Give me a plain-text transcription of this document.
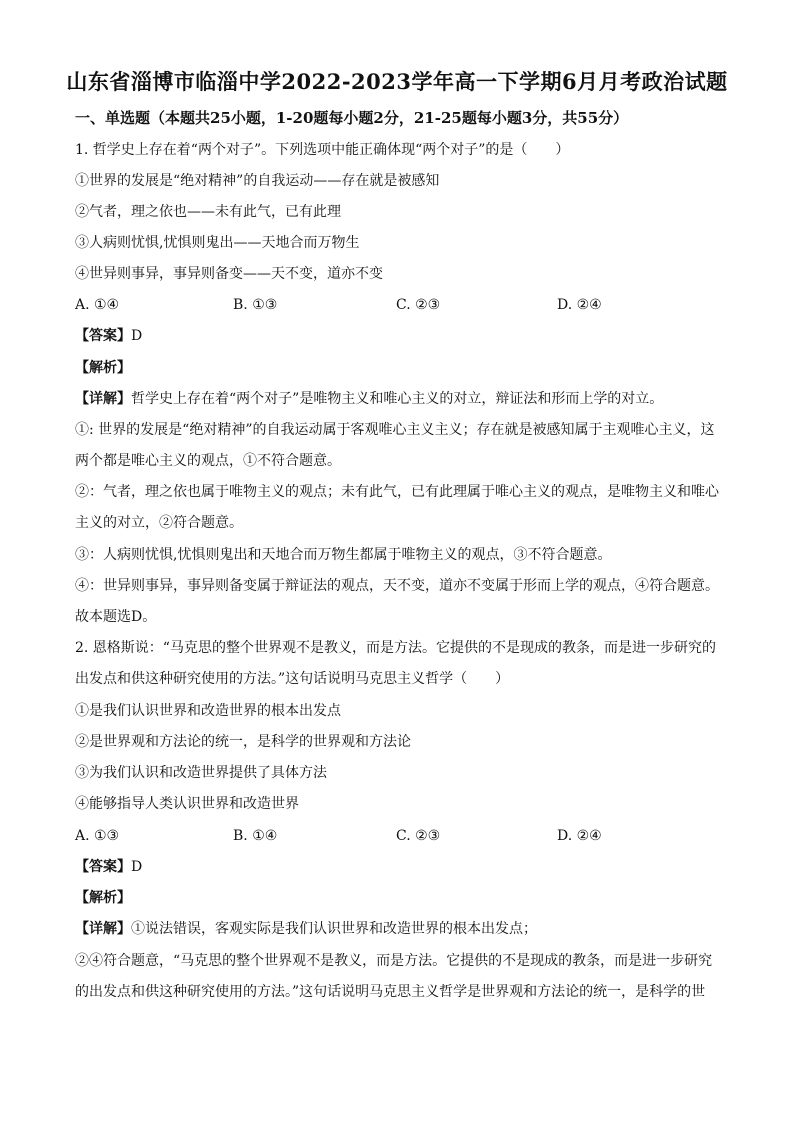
山东省淄博市临淄中学2022-2023学年高一下学期6月月考政治试题
一、单选题（本题共25小题，1-20题每小题2分，21-25题每小题3分，共55分）
1. 哲学史上存在着“两个对子”。下列选项中能正确体现“两个对子”的是（　　）
①世界的发展是“绝对精神”的自我运动——存在就是被感知
②气者，理之依也——未有此气，已有此理
③人病则忧惧,忧惧则鬼出——天地合而万物生
④世异则事异，事异则备变——天不变，道亦不变
A. ①④	B. ①③	C. ②③	D. ②④
【答案】D
【解析】
【详解】哲学史上存在着“两个对子”是唯物主义和唯心主义的对立，辩证法和形而上学的对立。
①: 世界的发展是“绝对精神”的自我运动属于客观唯心主义主义；存在就是被感知属于主观唯心主义，这
两个都是唯心主义的观点，①不符合题意。
②：气者，理之依也属于唯物主义的观点；未有此气，已有此理属于唯心主义的观点，是唯物主义和唯心
主义的对立，②符合题意。
③：人病则忧惧,忧惧则鬼出和天地合而万物生都属于唯物主义的观点，③不符合题意。
④：世异则事异，事异则备变属于辩证法的观点，天不变，道亦不变属于形而上学的观点，④符合题意。
故本题选D。
2. 恩格斯说：“马克思的整个世界观不是教义，而是方法。它提供的不是现成的教条，而是进一步研究的
出发点和供这种研究使用的方法。”这句话说明马克思主义哲学（　　）
①是我们认识世界和改造世界的根本出发点
②是世界观和方法论的统一，是科学的世界观和方法论
③为我们认识和改造世界提供了具体方法
④能够指导人类认识世界和改造世界
A. ①③	B. ①④	C. ②③	D. ②④
【答案】D
【解析】
【详解】①说法错误，客观实际是我们认识世界和改造世界的根本出发点；
②④符合题意，“马克思的整个世界观不是教义，而是方法。它提供的不是现成的教条，而是进一步研究
的出发点和供这种研究使用的方法。”这句话说明马克思主义哲学是世界观和方法论的统一，是科学的世
